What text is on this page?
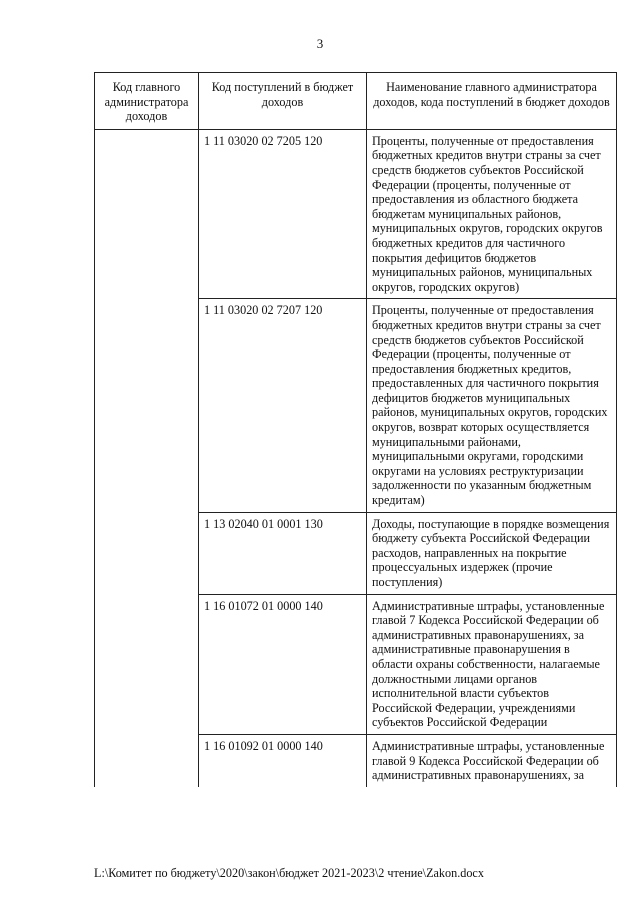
3
Код главного администратора доходов	Код поступлений в бюджет доходов	Наименование главного администратора доходов, кода поступлений в бюджет доходов
	1 11 03020 02 7205 120	Проценты, полученные от предоставления бюджетных кредитов внутри страны за счет средств бюджетов субъектов Российской Федерации (проценты, полученные от предоставления из областного бюджета бюджетам муниципальных районов, муниципальных округов, городских округов бюджетных кредитов для частичного покрытия дефицитов бюджетов муниципальных районов, муниципальных округов, городских округов)
	1 11 03020 02 7207 120	Проценты, полученные от предоставления бюджетных кредитов внутри страны за счет средств бюджетов субъектов Российской Федерации (проценты, полученные от предоставления бюджетных кредитов, предоставленных для частичного покрытия дефицитов бюджетов муниципальных районов, муниципальных округов, городских округов, возврат которых осуществляется муниципальными районами, муниципальными округами, городскими округами на условиях реструктуризации задолженности по указанным бюджетным кредитам)
	1 13 02040 01 0001 130	Доходы, поступающие в порядке возмещения бюджету субъекта Российской Федерации расходов, направленных на покрытие процессуальных издержек (прочие поступления)
	1 16 01072 01 0000 140	Административные штрафы, установленные главой 7 Кодекса Российской Федерации об административных правонарушениях, за административные правонарушения в области охраны собственности, налагаемые должностными лицами органов исполнительной власти субъектов Российской Федерации, учреждениями субъектов Российской Федерации
	1 16 01092 01 0000 140	Административные штрафы, установленные главой 9 Кодекса Российской Федерации об административных правонарушениях, за
L:\Комитет по бюджету\2020\закон\бюджет 2021-2023\2 чтение\Zakon.docx
